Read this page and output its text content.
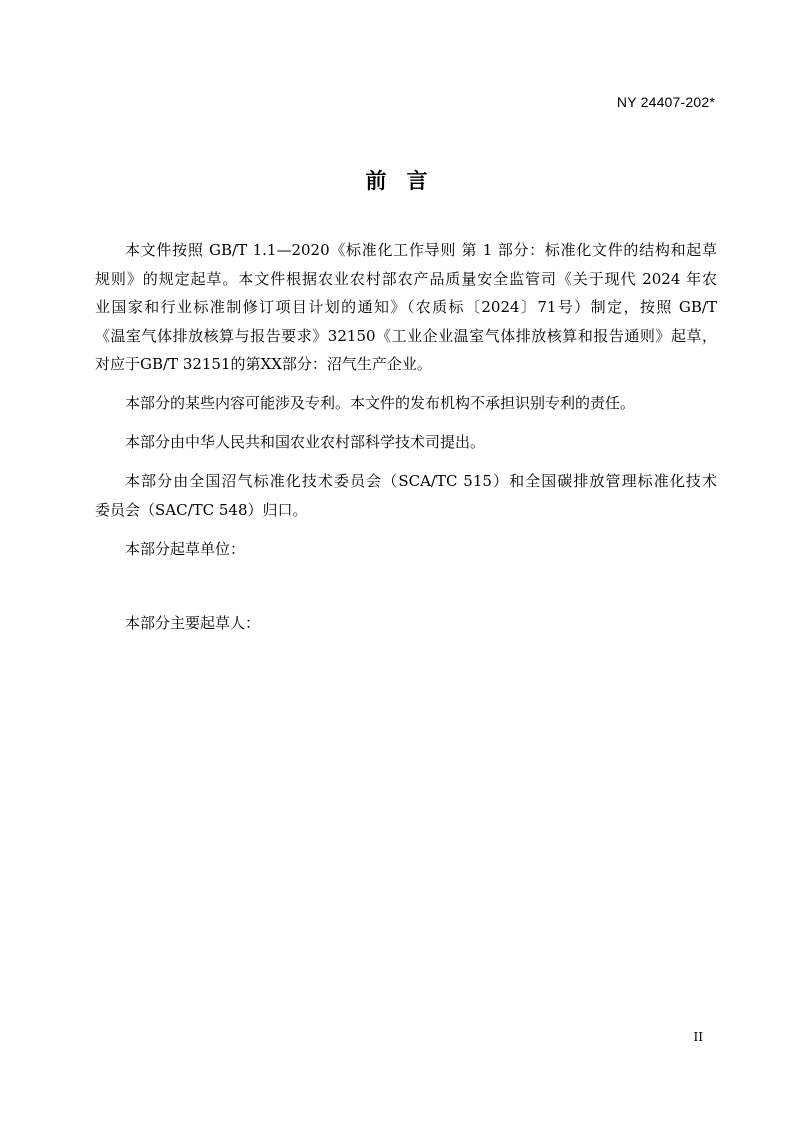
NY 24407-202*
前言

本文件按照 GB/T 1.1—2020《标准化工作导则 第 1 部分：标准化文件的结构和起草
规则》的规定起草。本文件根据农业农村部农产品质量安全监管司《关于现代 2024 年农
业国家和行业标准制修订项目计划的通知》（农质标〔2024〕71号）制定，按照 GB/T
《温室气体排放核算与报告要求》32150《工业企业温室气体排放核算和报告通则》起草，
对应于GB/T 32151的第XX部分：沼气生产企业。

本部分的某些内容可能涉及专利。本文件的发布机构不承担识别专利的责任。

本部分由中华人民共和国农业农村部科学技术司提出。

本部分由全国沼气标准化技术委员会（SCA/TC 515）和全国碳排放管理标准化技术
委员会（SAC/TC 548）归口。

本部分起草单位：

本部分主要起草人：

II
